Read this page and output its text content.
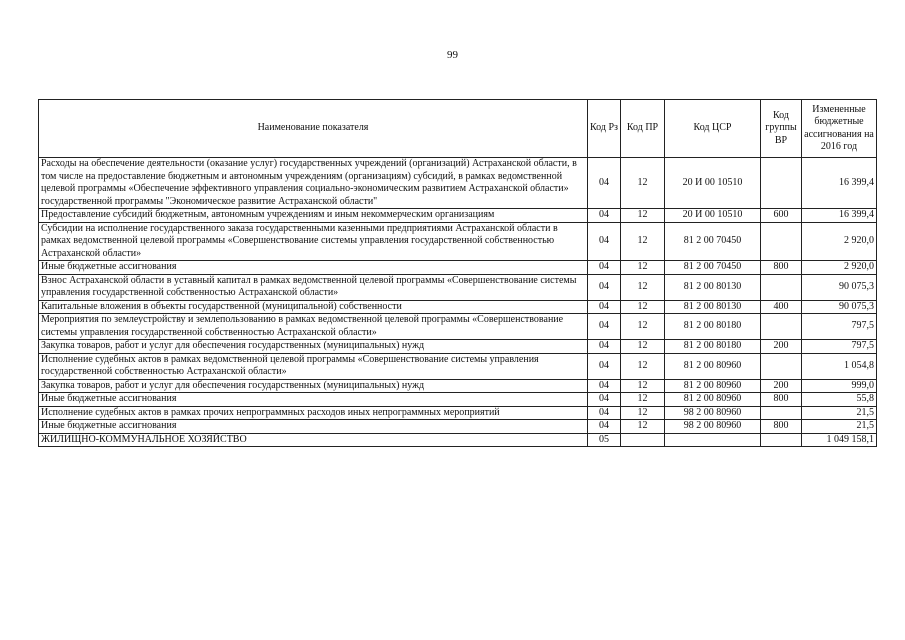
99
Наименование показателя	Код Рз	Код ПР	Код ЦСР	Код группы ВР	Измененные бюджетные ассигнования на 2016 год
Расходы на обеспечение деятельности (оказание услуг) государственных учреждений (организаций) Астраханской области, в том числе на предоставление бюджетным и автономным учреждениям (организациям) субсидий, в рамках ведомственной целевой программы «Обеспечение эффективного управления социально-экономическим развитием Астраханской области» государственной программы "Экономическое развитие Астраханской области"	04	12	20 И 00 10510		16 399,4
Предоставление субсидий бюджетным, автономным учреждениям и иным некоммерческим организациям	04	12	20 И 00 10510	600	16 399,4
Субсидии на исполнение государственного заказа государственными казенными предприятиями Астраханской области в рамках ведомственной целевой программы «Совершенствование системы управления государственной собственностью Астраханской области»	04	12	81 2 00 70450		2 920,0
Иные бюджетные ассигнования	04	12	81 2 00 70450	800	2 920,0
Взнос Астраханской области в уставный капитал в рамках ведомственной целевой программы «Совершенствование системы управления государственной собственностью Астраханской области»	04	12	81 2 00 80130		90 075,3
Капитальные вложения в объекты государственной (муниципальной) собственности	04	12	81 2 00 80130	400	90 075,3
Мероприятия по землеустройству и землепользованию в рамках ведомственной целевой программы «Совершенствование системы управления государственной собственностью Астраханской области»	04	12	81 2 00 80180		797,5
Закупка товаров, работ и услуг для обеспечения государственных (муниципальных) нужд	04	12	81 2 00 80180	200	797,5
Исполнение судебных актов в рамках ведомственной целевой программы «Совершенствование системы управления государственной собственностью Астраханской области»	04	12	81 2 00 80960		1 054,8
Закупка товаров, работ и услуг для обеспечения государственных (муниципальных) нужд	04	12	81 2 00 80960	200	999,0
Иные бюджетные ассигнования	04	12	81 2 00 80960	800	55,8
Исполнение судебных актов в рамках прочих непрограммных расходов иных непрограммных мероприятий	04	12	98 2 00 80960		21,5
Иные бюджетные ассигнования	04	12	98 2 00 80960	800	21,5
ЖИЛИЩНО-КОММУНАЛЬНОЕ ХОЗЯЙСТВО	05				1 049 158,1
